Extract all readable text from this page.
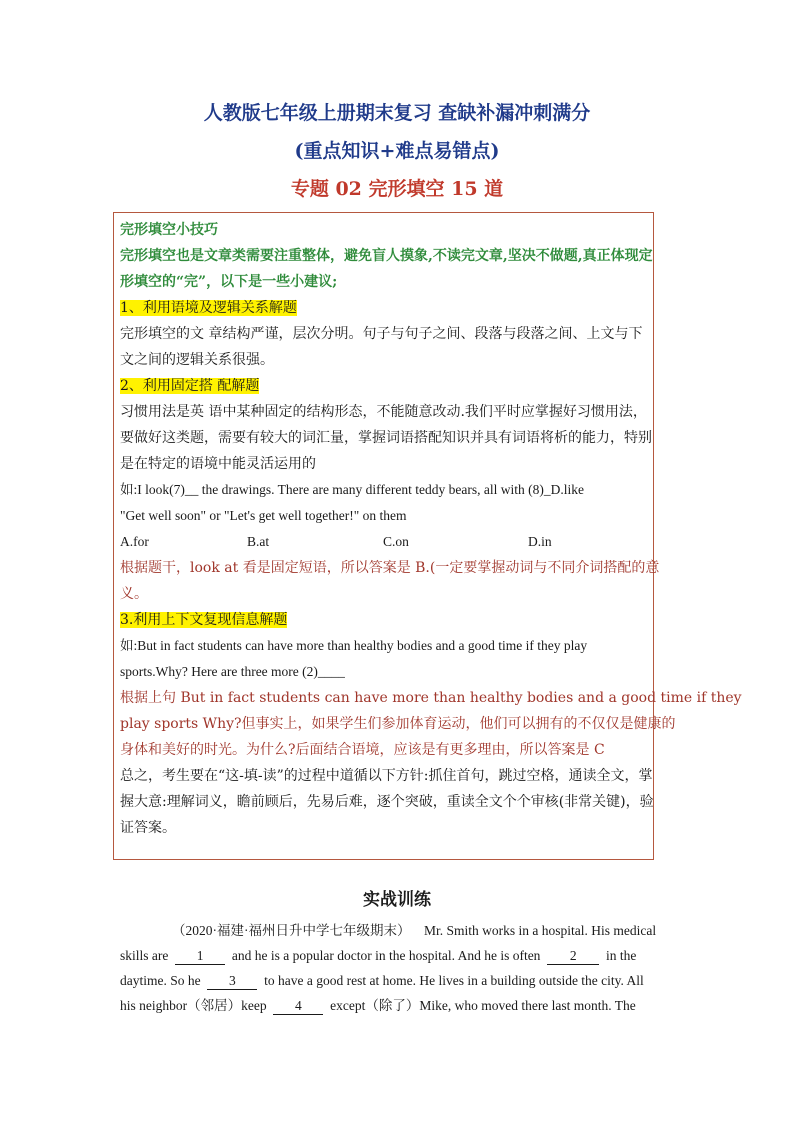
人教版七年级上册期末复习 查缺补漏冲刺满分
(重点知识+难点易错点)
专题 02 完形填空 15 道
完形填空小技巧
完形填空也是文章类需要注重整体，避免盲人摸象,不读完文章,坚决不做题,真正体现定
形填空的“完”，以下是一些小建议;
1、利用语境及逻辑关系解题
完形填空的文 章结构严谨，层次分明。句子与句子之间、段落与段落之间、上文与下
文之间的逻辑关系很强。
2、利用固定搭 配解题
习惯用法是英 语中某种固定的结构形态，不能随意改动.我们平时应掌握好习惯用法，
要做好这类题，需要有较大的词汇量，掌握词语搭配知识并具有词语将析的能力，特别
是在特定的语境中能灵活运用的
如:I look(7)__ the drawings. There are many different teddy bears, all with (8)_D.like
"Get well soon" or "Let's get well together!" on them
A.for	B.at	C.on	D.in
根据题干，look at 看是固定短语，所以答案是 B.(一定要掌握动词与不同介词搭配的意
义。
3.利用上下文复现信息解题
如:But in fact students can have more than healthy bodies and a good time if they play
sports.Why? Here are three more (2)____
根据上句 But in fact students can have more than healthy bodies and a good time if they
play sports Why?但事实上，如果学生们参加体育运动，他们可以拥有的不仅仅是健康的
身体和美好的时光。为什么?后面结合语境，应该是有更多理由，所以答案是 C
总之，考生要在“这-填-读”的过程中道循以下方针:抓住首句，跳过空格，通读全文，掌
握大意:理解词义，瞻前顾后，先易后难，逐个突破，重读全文个个审核(非常关键)，验
证答案。
实战训练
（2020·福建·福州日升中学七年级期末） Mr. Smith works in a hospital. His medical
skills are 1 and he is a popular doctor in the hospital. And he is often 2 in the
daytime. So he 3 to have a good rest at home. He lives in a building outside the city. All
his neighbor（邻居）keep 4 except（除了）Mike, who moved there last month. The
